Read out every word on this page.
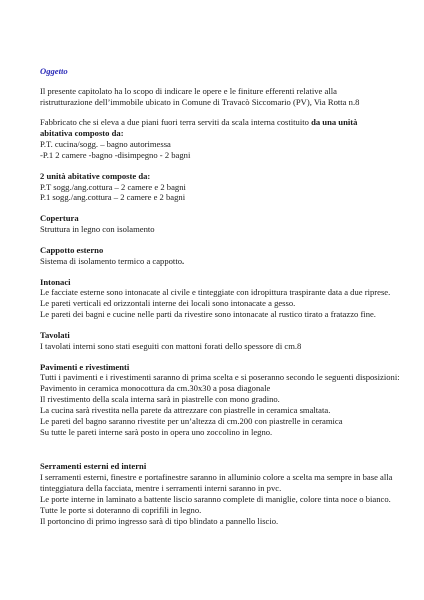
Oggetto
Il presente capitolato ha lo scopo di indicare le opere e le finiture efferenti relative alla
ristrutturazione dell’immobile ubicato in Comune di Travacò Siccomario (PV), Via Rotta n.8
Fabbricato che si eleva a due piani fuori terra serviti da scala interna costituito da una unità
abitativa composto da:
P.T. cucina/sogg. – bagno autorimessa
-P.1 2 camere -bagno -disimpegno - 2 bagni
2 unità abitative composte da:
P.T sogg./ang.cottura – 2 camere e 2 bagni
P.1 sogg./ang.cottura – 2 camere e 2 bagni
Copertura
Struttura in legno con isolamento
Cappotto esterno
Sistema di isolamento termico a cappotto.
Intonaci
Le facciate esterne sono intonacate al civile e tinteggiate con idropittura traspirante data a due riprese.
Le pareti verticali ed orizzontali interne dei locali sono intonacate a gesso.
Le pareti dei bagni e cucine nelle parti da rivestire sono intonacate al rustico tirato a fratazzo fine.
Tavolati
I tavolati interni sono stati eseguiti con mattoni forati dello spessore di cm.8
Pavimenti e rivestimenti
Tutti i pavimenti e i rivestimenti saranno di prima scelta e si poseranno secondo le seguenti disposizioni:
Pavimento in ceramica monocottura da cm.30x30 a posa diagonale
Il rivestimento della scala interna sarà in piastrelle con mono gradino.
La cucina sarà rivestita nella parete da attrezzare con piastrelle in ceramica smaltata.
Le pareti del bagno saranno rivestite per un’altezza di cm.200 con piastrelle in ceramica
Su tutte le pareti interne sarà posto in opera uno zoccolino in legno.
Serramenti esterni ed interni
I serramenti esterni, finestre e portafinestre saranno in alluminio colore a scelta ma sempre in base alla tinteggiatura della facciata, mentre i serramenti interni saranno in pvc.
Le porte interne in laminato a battente liscio saranno complete di maniglie, colore tinta noce o bianco.
Tutte le porte si doteranno di coprifili in legno.
Il portoncino di primo ingresso sarà di tipo blindato a pannello liscio.
